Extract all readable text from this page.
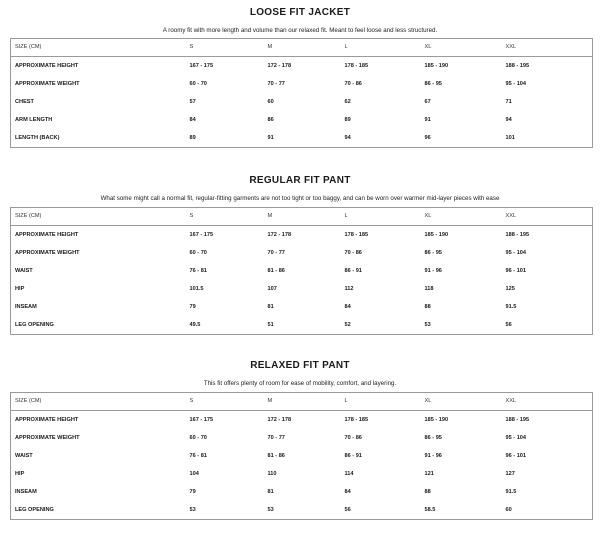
LOOSE FIT JACKET
A roomy fit with more length and volume than our relaxed fit. Meant to feel loose and less structured.
SIZE (CM)	S	M	L	XL	XXL
APPROXIMATE HEIGHT	167 - 175	172 - 178	178 - 185	185 - 190	188 - 195
APPROXIMATE WEIGHT	60 - 70	70 - 77	70 - 86	86 - 95	95 - 104
CHEST	57	60	62	67	71
ARM LENGTH	84	86	89	91	94
LENGTH (BACK)	89	91	94	96	101
REGULAR FIT PANT
What some might call a normal fit, regular-fitting garments are not too tight or too baggy, and can be worn over warmer mid-layer pieces with ease
SIZE (CM)	S	M	L	XL	XXL
APPROXIMATE HEIGHT	167 - 175	172 - 178	178 - 185	185 - 190	188 - 195
APPROXIMATE WEIGHT	60 - 70	70 - 77	70 - 86	86 - 95	95 - 104
WAIST	76 - 81	81 - 86	86 - 91	91 - 96	96 - 101
HIP	101.5	107	112	118	125
INSEAM	79	81	84	88	91.5
LEG OPENING	49.5	51	52	53	56
RELAXED FIT PANT
This fit offers plenty of room for ease of mobility, comfort, and layering.
SIZE (CM)	S	M	L	XL	XXL
APPROXIMATE HEIGHT	167 - 175	172 - 178	178 - 185	185 - 190	188 - 195
APPROXIMATE WEIGHT	60 - 70	70 - 77	70 - 86	86 - 95	95 - 104
WAIST	76 - 81	81 - 86	86 - 91	91 - 96	96 - 101
HIP	104	110	114	121	127
INSEAM	79	81	84	88	91.5
LEG OPENING	53	53	56	58.5	60
